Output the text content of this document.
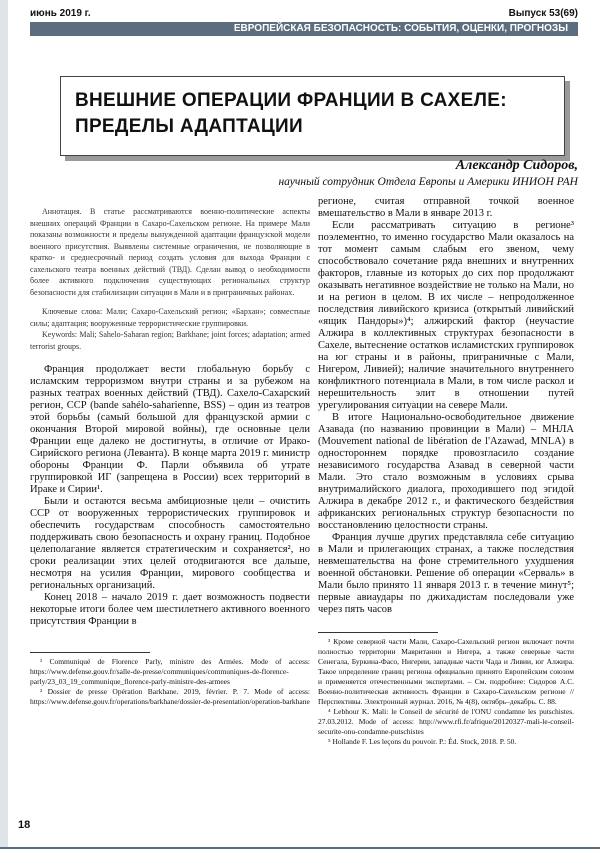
июнь 2019 г.	Выпуск 53(69)
ЕВРОПЕЙСКАЯ БЕЗОПАСНОСТЬ: СОБЫТИЯ, ОЦЕНКИ, ПРОГНОЗЫ
ВНЕШНИЕ ОПЕРАЦИИ ФРАНЦИИ В САХЕЛЕ: ПРЕДЕЛЫ АДАПТАЦИИ
Александр Сидоров,
научный сотрудник Отдела Европы и Америки ИНИОН РАН

Аннотация. В статье рассматриваются военно-политические аспекты внешних операций Франции в Сахаро-Сахельском регионе. На примере Мали показаны возможности и пределы вынужденной адаптации французской модели военного присутствия. Выявлены системные ограничения, не позволяющие в кратко- и среднесрочный период создать условия для выхода Франции с сахельского театра военных действий (ТВД). Сделан вывод о необходимости более активного подключения существующих региональных структур безопасности для стабилизации ситуации в Мали и в приграничных районах.

Ключевые слова: Мали; Сахаро-Сахельский регион; «Бархан»; совместные силы; адаптация; вооруженные террористические группировки.

Keywords: Mali; Sahelo-Saharan region; Barkhane; joint forces; adaptation; armed terrorist groups.

Франция продолжает вести глобальную борьбу с исламским терроризмом внутри страны и за рубежом на разных театрах военных действий (ТВД). Сахело-Сахарский регион, ССР (bande sahélo-saharienne, BSS) – один из театров этой борьбы (самый большой для французской армии с окончания Второй мировой войны), где основные цели Франции еще далеко не достигнуты, в отличие от Ирако-Сирийского региона (Леванта). В конце марта 2019 г. министр обороны Франции Ф. Парли объявила об утрате группировкой ИГ (запрещена в России) всех территорий в Ираке и Сирии¹.

Были и остаются весьма амбициозные цели – очистить ССР от вооруженных террористических группировок и обеспечить государствам способность самостоятельно поддерживать свою безопасность и охрану границ. Подобное целеполагание является стратегическим и сохраняется², но сроки реализации этих целей отодвигаются все дальше, несмотря на усилия Франции, мирового сообщества и региональных организаций.

Конец 2018 – начало 2019 г. дает возможность подвести некоторые итоги более чем шестилетнего активного военного присутствия Франции в

¹ Communiqué de Florence Parly, ministre des Armées. Mode of access: https://www.defense.gouv.fr/salle-de-presse/communiques/communiques-de-florence-parly/23_03_19_communique_florence-parly-ministre-des-armees

² Dossier de presse Opération Barkhane. 2019, février. P. 7. Mode of access: https://www.defense.gouv.fr/operations/barkhane/dossier-de-presentation/operation-barkhane

регионе, считая отправной точкой военное вмешательство в Мали в январе 2013 г.

Если рассматривать ситуацию в регионе³ поэлементно, то именно государство Мали оказалось на тот момент самым слабым его звеном, чему способствовало сочетание ряда внешних и внутренних факторов, главные из которых до сих пор продолжают оказывать негативное воздействие не только на Мали, но и на регион в целом. В их числе – непродолженное последствия ливийского кризиса (открытый ливийский «ящик Пандоры»)⁴; алжирский фактор (неучастие Алжира в коллективных структурах безопасности в Сахеле, вытеснение остатков исламистских группировок на юг страны и в районы, приграничные с Мали, Нигером, Ливией); наличие значительного внутреннего конфликтного потенциала в Мали, в том числе раскол и нерешительность элит в отношении путей урегулирования ситуации на севере Мали.

В итоге Национально-освободительное движение Азавада (по названию провинции в Мали) – МНЛА (Mouvement national de libération de l'Azawad, MNLA) в одностороннем порядке провозгласило создание независимого государства Азавад в северной части Мали. Это стало возможным в условиях срыва внутрималийского диалога, проходившего под эгидой Алжира в декабре 2012 г., и фактического бездействия африканских региональных структур безопасности по восстановлению целостности страны.

Франция лучше других представляла себе ситуацию в Мали и прилегающих странах, а также последствия невмешательства на фоне стремительного ухудшения военной обстановки. Решение об операции «Серваль» в Мали было принято 11 января 2013 г. в течение минут⁵; первые авиаудары по джихадистам последовали уже через пять часов

³ Кроме северной части Мали, Сахаро-Сахельский регион включает почти полностью территории Мавритании и Нигера, а также северные части Сенегала, Буркина-Фасо, Нигерии, западные части Чада и Ливии, юг Алжира. Такое определение границ региона официально принято Европейским союзом и применяется отечественными экспертами. – См. подробнее: Сидоров А.С. Военно-политическая активность Франции в Сахаро-Сахельском регионе // Перспективы. Электронный журнал. 2016, № 4(8), октябрь–декабрь. С. 88.

⁴ Lebhour K. Mali: le Conseil de sécurité de l'ONU condamne les putschistes. 27.03.2012. Mode of access: http://www.rfi.fr/afrique/20120327-mali-le-conseil-securite-onu-condamne-putschistes

⁵ Hollande F. Les leçons du pouvoir. P.: Éd. Stock, 2018. P. 50.

18
